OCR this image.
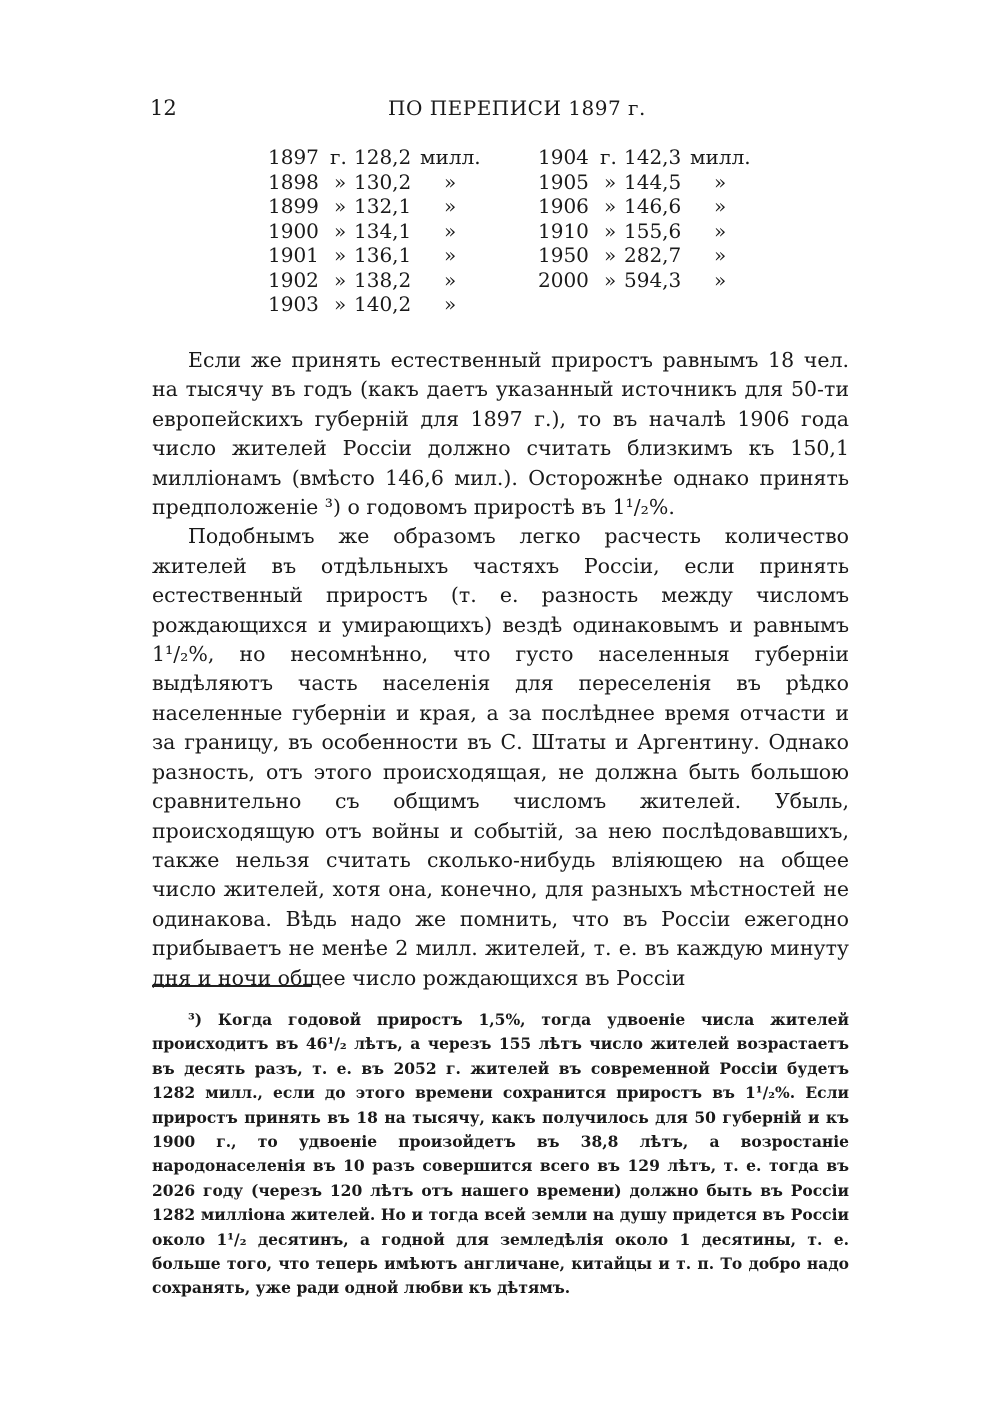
12	ПО ПЕРЕПИСИ 1897 г.
1897 г. 128,2 милл.
1898 » 130,2 »
1899 » 132,1 »
1900 » 134,1 »
1901 » 136,1 »
1902 » 138,2 »
1903 » 140,2 »
1904 г. 142,3 милл.
1905 » 144,5 »
1906 » 146,6 »
1910 » 155,6 »
1950 » 282,7 »
2000 » 594,3 »

Если же принять естественный приростъ равнымъ 18 чел. на тысячу въ годъ (какъ даетъ указанный источникъ для 50-ти европейскихъ губерній для 1897 г.), то въ началѣ 1906 года число жителей Россіи должно считать близкимъ къ 150,1 милліонамъ (вмѣсто 146,6 мил.). Осторожнѣе однако принять предположеніе ³) о годовомъ приростѣ въ 1¹/₂%.

Подобнымъ же образомъ легко расчесть количество жителей въ отдѣльныхъ частяхъ Россіи, если принять естественный приростъ (т. е. разность между числомъ рождающихся и умирающихъ) вездѣ одинаковымъ и равнымъ 1¹/₂%, но несомнѣнно, что густо населенныя губерніи выдѣляютъ часть населенія для переселенія въ рѣдко населенные губерніи и края, а за послѣднее время отчасти и за границу, въ особенности въ С. Штаты и Аргентину. Однако разность, отъ этого происходящая, не должна быть большою сравнительно съ общимъ числомъ жителей. Убыль, происходящую отъ войны и событій, за нею послѣдовавшихъ, также нельзя считать сколько-нибудь вліяющею на общее число жителей, хотя она, конечно, для разныхъ мѣстностей не одинакова. Вѣдь надо же помнить, что въ Россіи ежегодно прибываетъ не менѣе 2 милл. жителей, т. е. въ каждую минуту дня и ночи общее число рождающихся въ Россіи

³) Когда годовой приростъ 1,5%, тогда удвоеніе числа жителей происходитъ въ 46¹/₂ лѣтъ, а черезъ 155 лѣтъ число жителей возрастаетъ въ десять разъ, т. е. въ 2052 г. жителей въ современной Россіи будетъ 1282 милл., если до этого времени сохранится приростъ въ 1¹/₂%. Если приростъ принять въ 18 на тысячу, какъ получилось для 50 губерній и къ 1900 г., то удвоеніе произойдетъ въ 38,8 лѣтъ, а возростаніе народонаселенія въ 10 разъ совершится всего въ 129 лѣтъ, т. е. тогда въ 2026 году (черезъ 120 лѣтъ отъ нашего времени) должно быть въ Россіи 1282 милліона жителей. Но и тогда всей земли на душу придется въ Россіи около 1¹/₂ десятинъ, а годной для земледѣлія около 1 десятины, т. е. больше того, что теперь имѣютъ англичане, китайцы и т. п. То добро надо сохранять, уже ради одной любви къ дѣтямъ.
